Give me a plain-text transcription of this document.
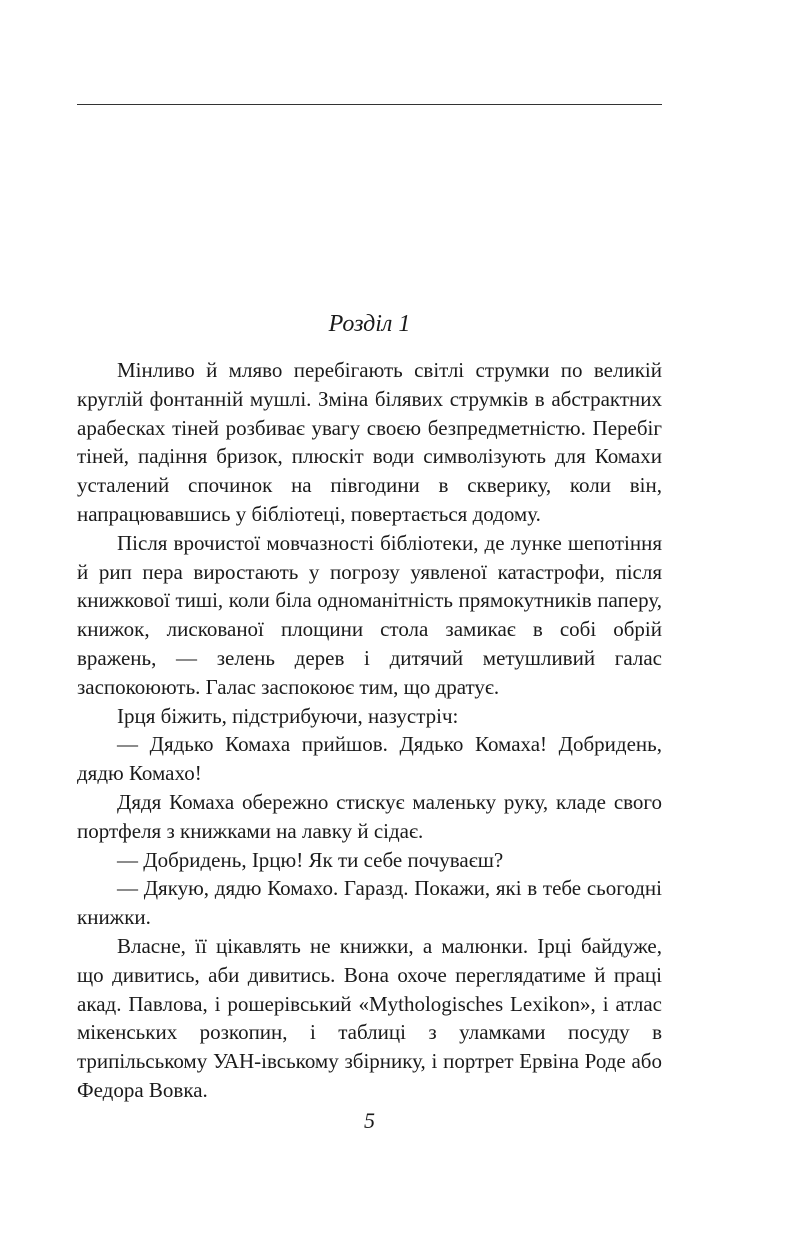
Розділ 1

Мінливо й мляво перебігають світлі струмки по великій круглій фонтанній мушлі. Зміна білявих струмків в абстрактних арабесках тіней розбиває увагу своєю безпредметністю. Перебіг тіней, падіння бризок, плюскіт води символізують для Комахи усталений спочинок на півгодини в скверику, коли він, напрацювавшись у бібліотеці, повертається додому.

Після врочистої мовчазності бібліотеки, де лунке шепотіння й рип пера виростають у погрозу уявленої катастрофи, після книжкової тиші, коли біла одноманітність прямокутників паперу, книжок, лискованої площини стола замикає в собі обрій вражень, — зелень дерев і дитячий метушливий галас заспокоюють. Галас заспокоює тим, що дратує.

Ірця біжить, підстрибуючи, назустріч:

— Дядько Комаха прийшов. Дядько Комаха! Добридень, дядю Комахо!

Дядя Комаха обережно стискує маленьку руку, кладе свого портфеля з книжками на лавку й сідає.

— Добридень, Ірцю! Як ти себе почуваєш?

— Дякую, дядю Комахо. Гаразд. Покажи, які в тебе сьогодні книжки.

Власне, її цікавлять не книжки, а малюнки. Ірці байдуже, що дивитись, аби дивитись. Вона охоче переглядатиме й праці акад. Павлова, і рошерівський «Mythologisches Lexikon», і атлас мікенських розкопин, і таблиці з уламками посуду в трипільському УАН-івському збірнику, і портрет Ервіна Роде або Федора Вовка.

5
